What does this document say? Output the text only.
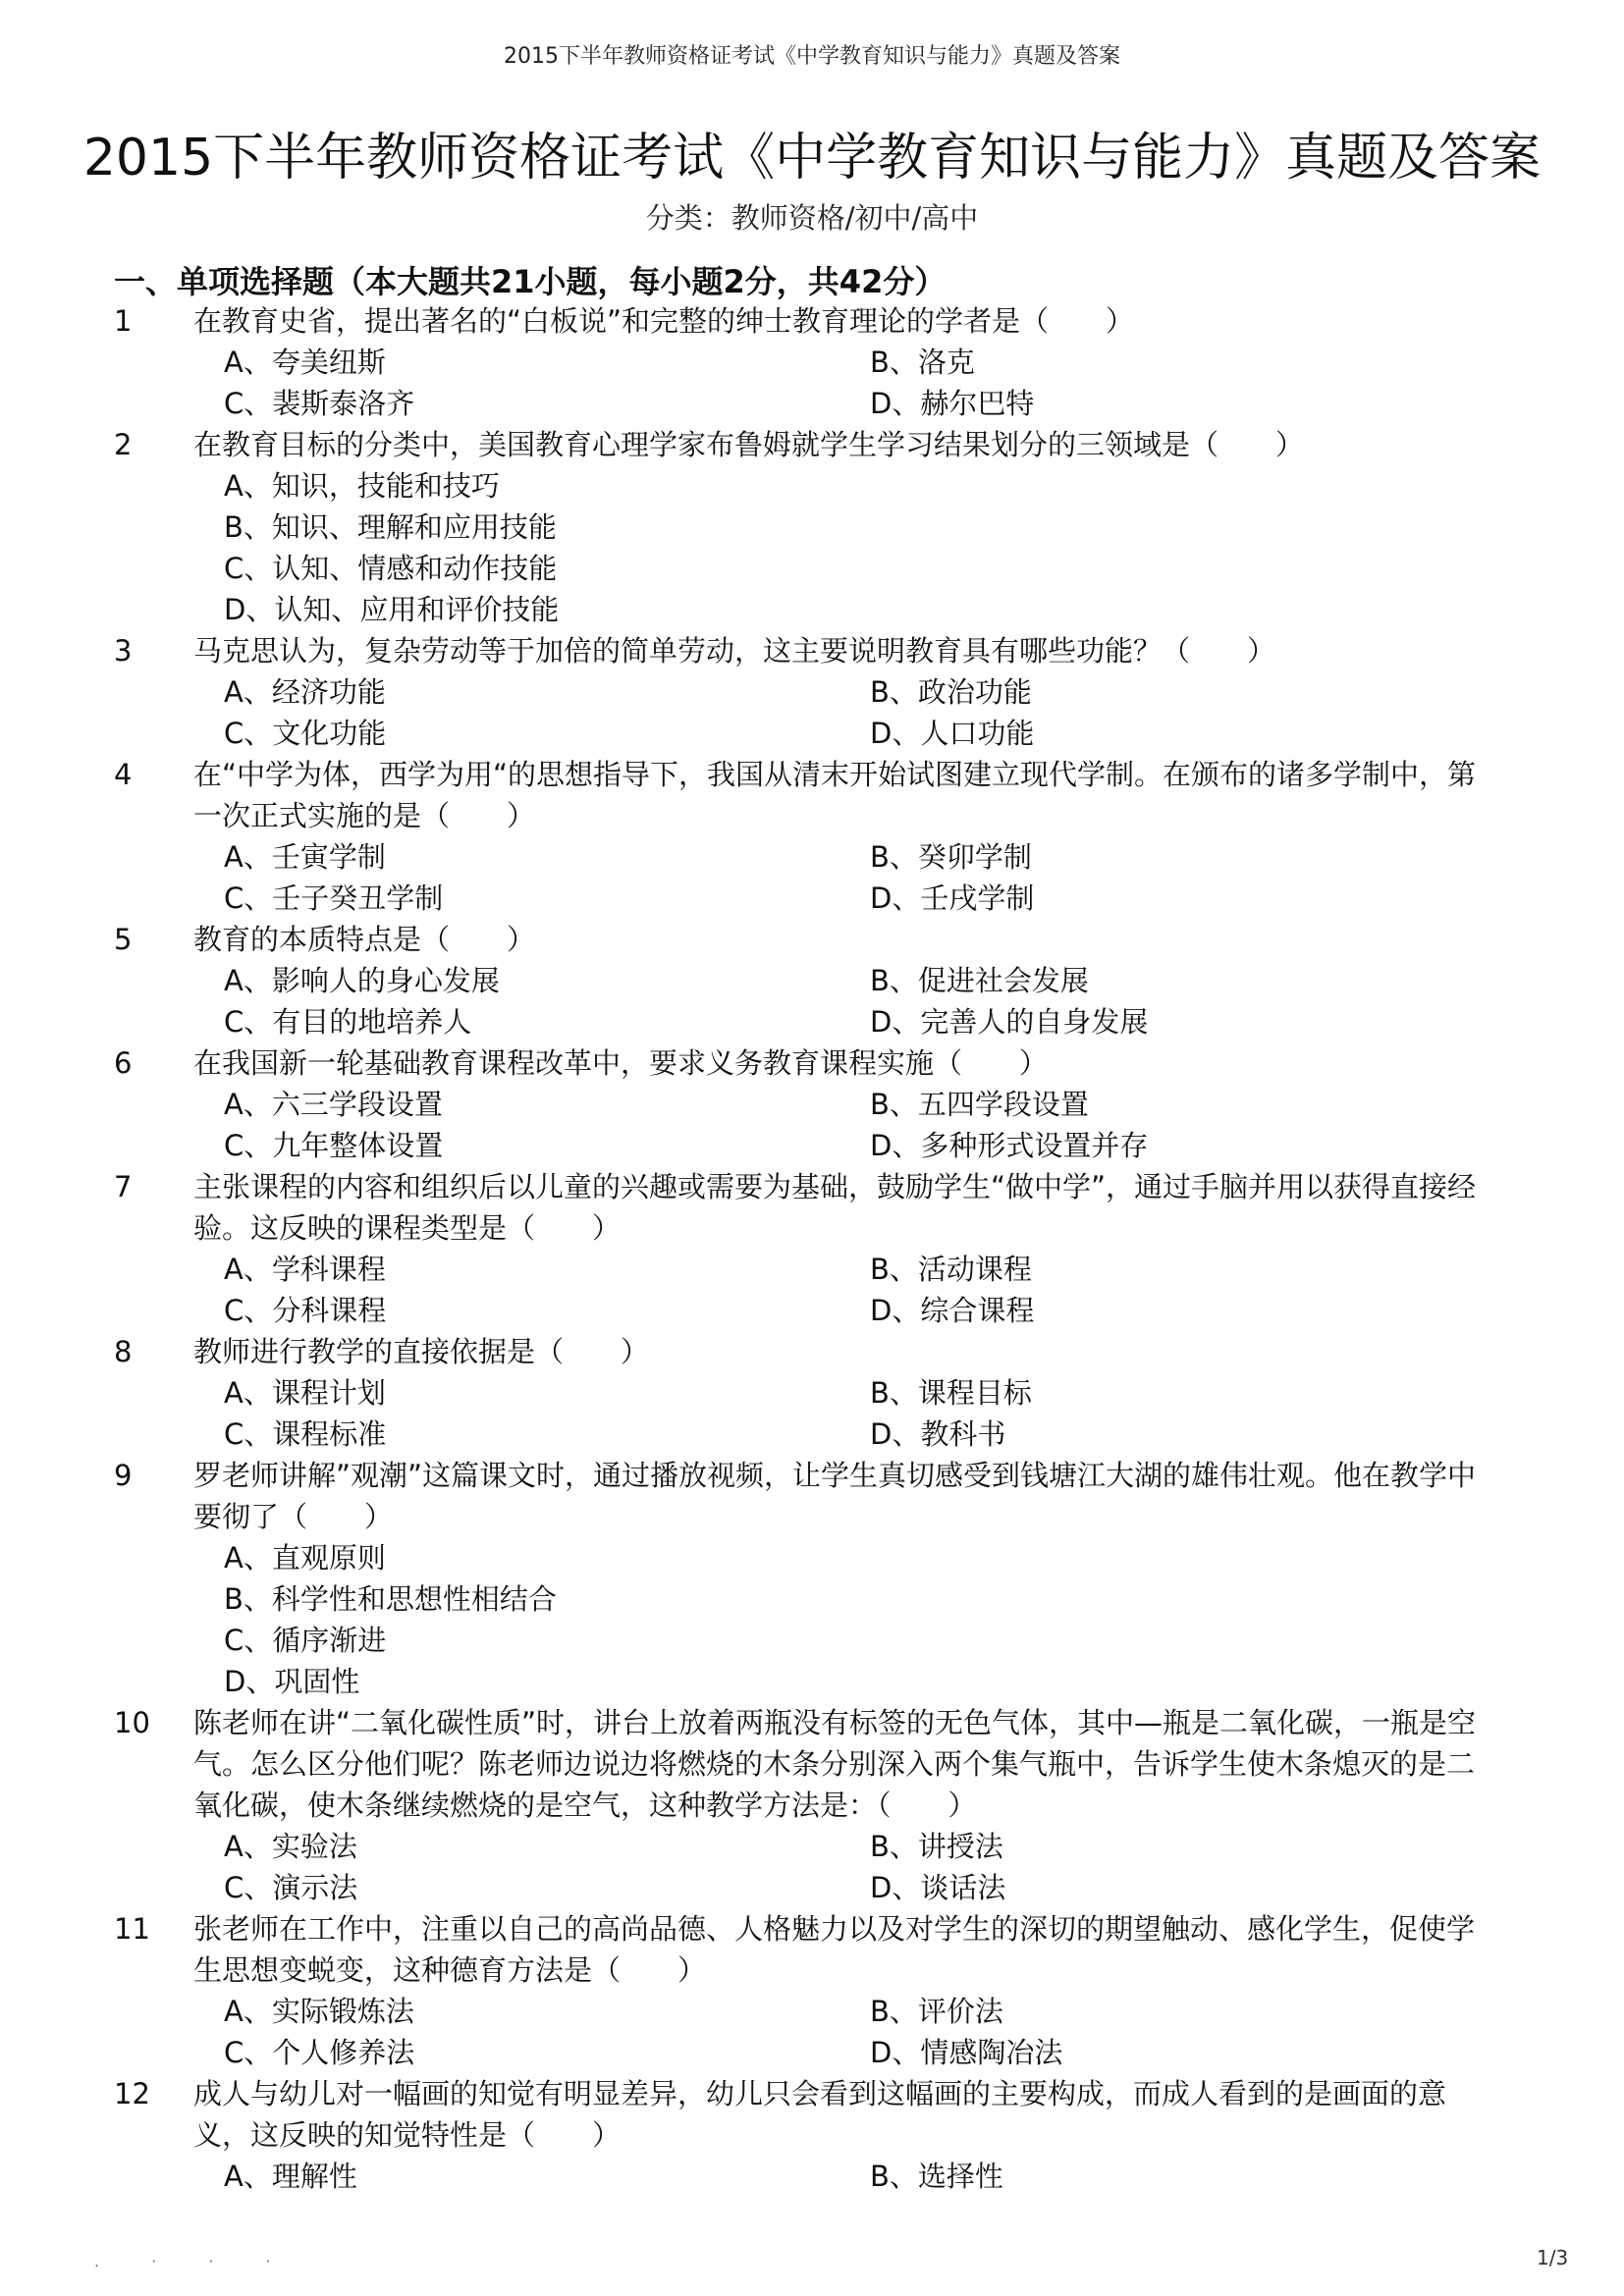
2015下半年教师资格证考试《中学教育知识与能力》真题及答案
2015下半年教师资格证考试《中学教育知识与能力》真题及答案
分类：教师资格/初中/高中
一、单项选择题（本大题共21小题，每小题2分，共42分）
1	在教育史省，提出著名的“白板说”和完整的绅士教育理论的学者是（　　）
A、夸美纽斯	B、洛克
C、裴斯泰洛齐	D、赫尔巴特
2	在教育目标的分类中，美国教育心理学家布鲁姆就学生学习结果划分的三领域是（　　）
A、知识，技能和技巧
B、知识、理解和应用技能
C、认知、情感和动作技能
D、认知、应用和评价技能
3	马克思认为，复杂劳动等于加倍的简单劳动，这主要说明教育具有哪些功能？（　　）
A、经济功能	B、政治功能
C、文化功能	D、人口功能
4	在“中学为体，西学为用“的思想指导下，我国从清末开始试图建立现代学制。在颁布的诸多学制中，第一次正式实施的是（　　）
A、壬寅学制	B、癸卯学制
C、壬子癸丑学制	D、壬戌学制
5	教育的本质特点是（　　）
A、影响人的身心发展	B、促进社会发展
C、有目的地培养人	D、完善人的自身发展
6	在我国新一轮基础教育课程改革中，要求义务教育课程实施（　　）
A、六三学段设置	B、五四学段设置
C、九年整体设置	D、多种形式设置并存
7	主张课程的内容和组织后以儿童的兴趣或需要为基础，鼓励学生“做中学”，通过手脑并用以获得直接经验。这反映的课程类型是（　　）
A、学科课程	B、活动课程
C、分科课程	D、综合课程
8	教师进行教学的直接依据是（　　）
A、课程计划	B、课程目标
C、课程标准	D、教科书
9	罗老师讲解”观潮”这篇课文时，通过播放视频，让学生真切感受到钱塘江大湖的雄伟壮观。他在教学中要彻了（　　）
A、直观原则
B、科学性和思想性相结合
C、循序渐进
D、巩固性
10	陈老师在讲“二氧化碳性质”时，讲台上放着两瓶没有标签的无色气体，其中—瓶是二氧化碳，一瓶是空气。怎么区分他们呢？陈老师边说边将燃烧的木条分别深入两个集气瓶中，告诉学生使木条熄灭的是二氧化碳，使木条继续燃烧的是空气，这种教学方法是：（　　）
A、实验法	B、讲授法
C、演示法	D、谈话法
11	张老师在工作中，注重以自己的高尚品德、人格魅力以及对学生的深切的期望触动、感化学生，促使学生思想变蜕变，这种德育方法是（　　）
A、实际锻炼法	B、评价法
C、个人修养法	D、情感陶冶法
12	成人与幼儿对一幅画的知觉有明显差异，幼儿只会看到这幅画的主要构成，而成人看到的是画面的意义，这反映的知觉特性是（　　）
A、理解性	B、选择性
. · · ·	1/3
